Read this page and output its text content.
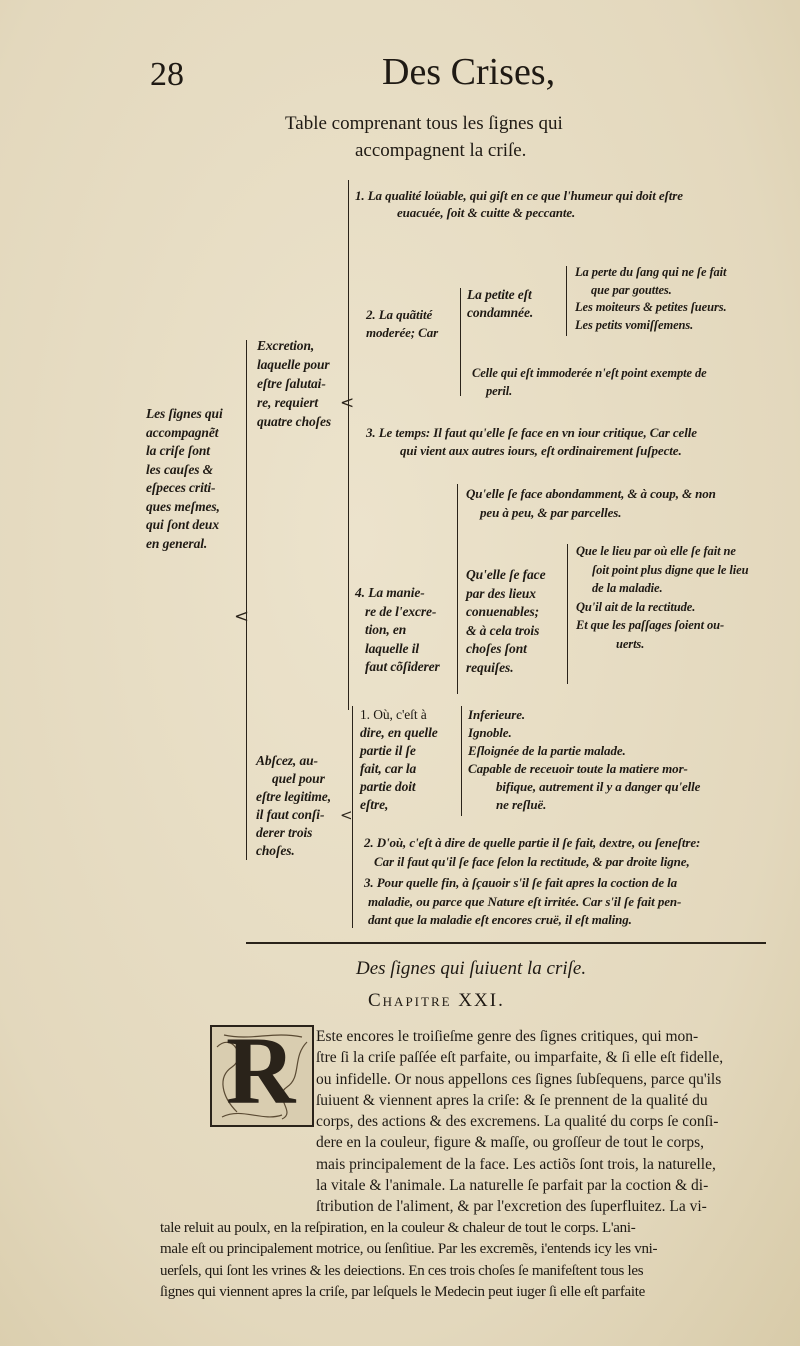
28	Des Crises,
Table comprenant tous les ſignes qui
accompagnent la criſe.
Les ſignes qui
accompagnẽt
la criſe ſont
les cauſes &
eſpeces criti-
ques meſmes,
qui ſont deux
en general.
<
Excretion,
laquelle pour
eſtre ſalutai-
re, requiert
quatre choſes
<
1. La qualité loüable, qui giſt en ce que l'humeur qui doit eſtre
euacuée, ſoit & cuitte & peccante.
2. La quãtité
moderée; Car
La petite eſt
condamnée.
La perte du ſang qui ne ſe fait
que par gouttes.
Les moiteurs & petites ſueurs.
Les petits vomiſſemens.
Celle qui eſt immoderée n'eſt point exempte de
peril.
3. Le temps: Il faut qu'elle ſe face en vn iour critique, Car celle
qui vient aux autres iours, eſt ordinairement ſuſpecte.
4. La manie-
re de l'excre-
tion, en
laquelle il
faut cõſiderer
Qu'elle ſe face abondamment, & à coup, & non
peu à peu, & par parcelles.
Qu'elle ſe face
par des lieux
conuenables;
& à cela trois
choſes ſont
requiſes.
Que le lieu par où elle ſe fait ne
ſoit point plus digne que le lieu
de la maladie.
Qu'il ait de la rectitude.
Et que les paſſages ſoient ou-
uerts.
Abſcez, au-
quel pour
eſtre legitime,
il faut conſi-
derer trois
choſes.
<
1. Où, c'eſt à
dire, en quelle
partie il ſe
fait, car la
partie doit
eſtre,
Inferieure.
Ignoble.
Eſloignée de la partie malade.
Capable de receuoir toute la matiere mor-
bifique, autrement il y a danger qu'elle
ne reſluë.
2. D'où, c'eſt à dire de quelle partie il ſe fait, dextre, ou ſeneſtre:
Car il faut qu'il ſe face ſelon la rectitude, & par droite ligne,
3. Pour quelle fin, à ſçauoir s'il ſe fait apres la coction de la
maladie, ou parce que Nature eſt irritée. Car s'il ſe fait pen-
dant que la maladie eſt encores cruë, il eſt maling.
Des ſignes qui ſuiuent la criſe.
Chapitre XXI.
R Este encores le troiſieſme genre des ſignes critiques, qui mon-
ſtre ſi la criſe paſſée eſt parfaite, ou imparfaite, & ſi elle eſt fidelle,
ou infidelle. Or nous appellons ces ſignes ſubſequens, parce qu'ils
ſuiuent & viennent apres la criſe: & ſe prennent de la qualité du
corps, des actions & des excremens. La qualité du corps ſe conſi-
dere en la couleur, figure & maſſe, ou groſſeur de tout le corps,
mais principalement de la face. Les actiõs ſont trois, la naturelle,
la vitale & l'animale. La naturelle ſe parfait par la coction & di-
ſtribution de l'aliment, & par l'excretion des ſuperfluitez. La vi-
tale reluit au poulx, en la reſpiration, en la couleur & chaleur de tout le corps. L'ani-
male eſt ou principalement motrice, ou ſenſitiue. Par les excremẽs, i'entends icy les vni-
uerſels, qui ſont les vrines & les deiections. En ces trois choſes ſe manifeſtent tous les
ſignes qui viennent apres la criſe, par leſquels le Medecin peut iuger ſi elle eſt parfaite
